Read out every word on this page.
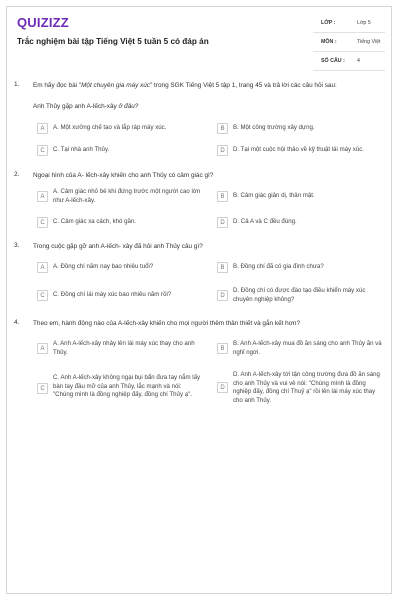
QUIZIZZ
Trắc nghiệm bài tập Tiếng Việt 5 tuần 5 có đáp án
LỚP :	Lớp 5
MÔN :	Tiếng Việt
SỐ CÂU : 4
1. Em hãy đọc bài "Một chuyên gia máy xúc" trong SGK Tiếng Việt 5 tập 1, trang 45 và trả lời các câu hỏi sau:
Anh Thủy gặp anh A-lếch-xây ở đâu?
A	A. Một xưởng chế tạo và lắp ráp máy xúc.	B	B. Một công trường xây dựng.
C	C. Tại nhà anh Thủy.	D	D. Tại một cuộc hội thảo về kỹ thuật lái máy xúc.
2. Ngoại hình của A- lếch-xây khiến cho anh Thủy có cảm giác gì?
A
A. Cảm giác nhỏ bé khi đứng trước một người cao lớn như A-lếch-xây.	B	B. Cảm giác giản dị, thân mật.
C	C. Cảm giác xa cách, khó gần.	D	D. Cả A và C đều đúng.
3. Trong cuộc gặp gỡ anh A-lếch- xây đã hỏi anh Thủy câu gì?
A	A. Đồng chí năm nay bao nhiêu tuổi?	B	B. Đồng chí đã có gia đình chưa?
C	C. Đồng chí lái máy xúc bao nhiêu năm rồi?	D
D. Đồng chí có được đào tạo điều khiển máy xúc chuyên nghiệp không?
4. Theo em, hành động nào của A-lếch-xây khiến cho mọi người thêm thân thiết và gắn kết hơn?
A
A. Anh A-lếch-xây nhảy lên lái máy xúc thay cho anh Thủy.	B
B. Anh A-lếch-xây mua đồ ăn sáng cho anh Thủy ăn và nghỉ ngơi.
C
C. Anh A-lếch-xây không ngại bụi bẩn đưa tay nắm lấy bàn tay đầu mỡ của anh Thủy, lắc mạnh và nói: "Chúng mình là đồng nghiệp đấy, đồng chí Thủy ạ".
D
D. Anh A-lếch-xây tới tận công trường đưa đồ ăn sáng cho anh Thủy và vui vẻ nói: "Chúng mình là đồng nghiệp đấy, đồng chí Thuỷ ạ" rồi lên lái máy xúc thay cho anh Thủy.
